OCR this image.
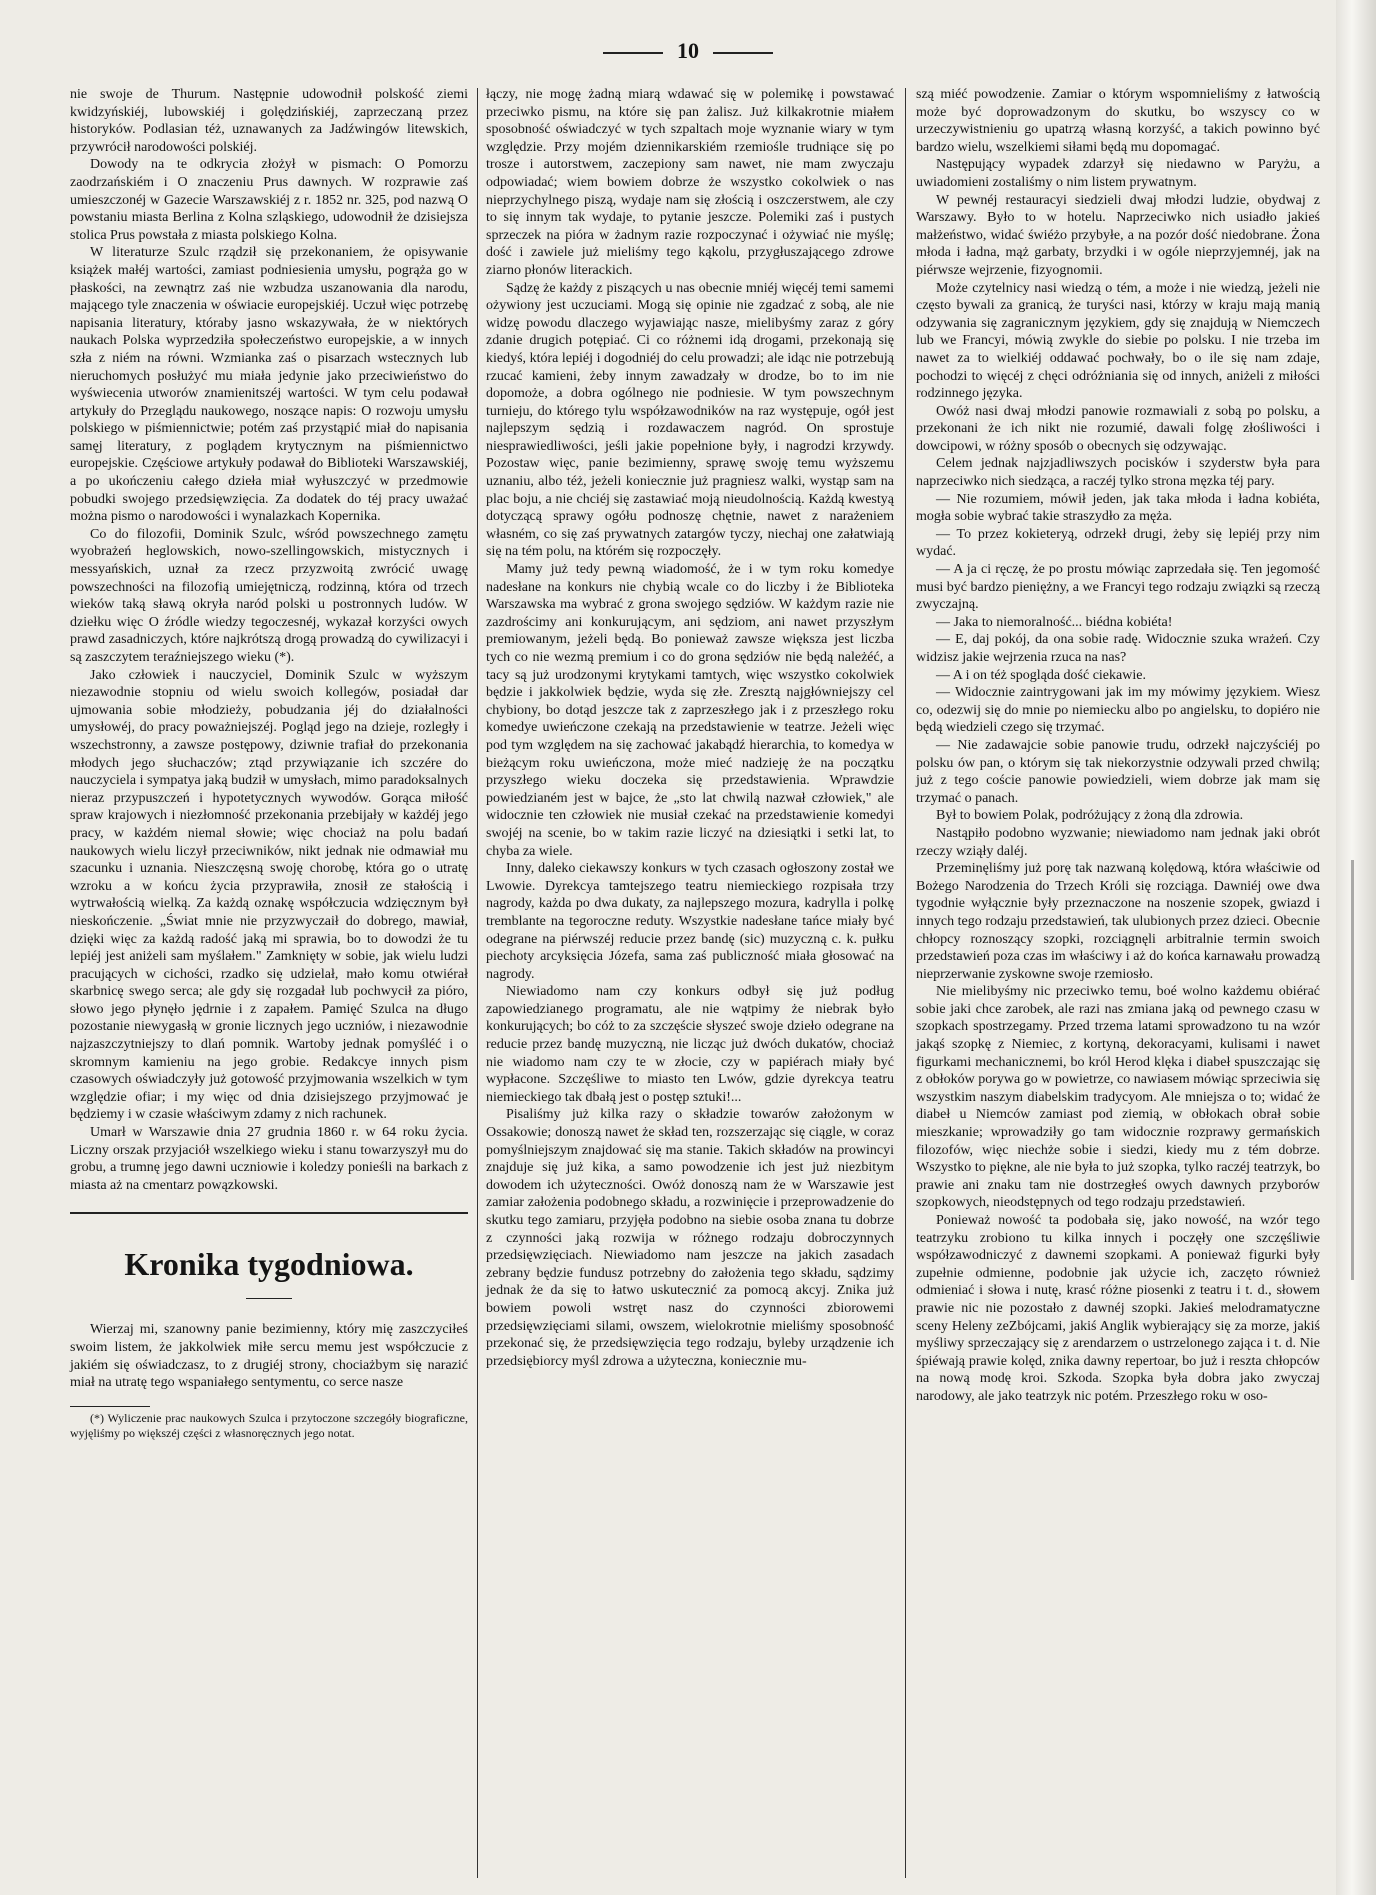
10

nie swoje de Thurum. Następnie udowodnił polskość ziemi kwidzyńskiéj, lubowskiéj i golędzińskiéj, zaprzeczaną przez historyków. Podlasian téż, uznawanych za Jadźwingów litewskich, przywrócił narodowości polskiéj.

Dowody na te odkrycia złożył w pismach: O Pomorzu zaodrzańskiém i O znaczeniu Prus dawnych. W rozprawie zaś umieszczonéj w Gazecie Warszawskiéj z r. 1852 nr. 325, pod nazwą O powstaniu miasta Berlina z Kolna szląskiego, udowodnił że dzisiejsza stolica Prus powstała z miasta polskiego Kolna.

W literaturze Szulc rządził się przekonaniem, że opisywanie książek małéj wartości, zamiast podniesienia umysłu, pogrąża go w płaskości, na zewnątrz zaś nie wzbudza uszanowania dla narodu, mającego tyle znaczenia w oświacie europejskiéj. Uczuł więc potrzebę napisania literatury, któraby jasno wskazywała, że w niektórych naukach Polska wyprzedziła społeczeństwo europejskie, a w innych szła z niém na równi. Wzmianka zaś o pisarzach wstecznych lub nieruchomych posłużyć mu miała jedynie jako przeciwieństwo do wyświecenia utworów znamienitszéj wartości. W tym celu podawał artykuły do Przeglądu naukowego, noszące napis: O rozwoju umysłu polskiego w piśmiennictwie; potém zaś przystąpić miał do napisania samęj literatury, z poglądem krytycznym na piśmiennictwo europejskie. Częściowe artykuły podawał do Biblioteki Warszawskiéj, a po ukończeniu całego dzieła miał wyłuszczyć w przedmowie pobudki swojego przedsięwzięcia. Za dodatek do téj pracy uważać można pismo o narodowości i wynalazkach Kopernika.

Co do filozofii, Dominik Szulc, wśród powszechnego zamętu wyobrażeń heglowskich, nowo-szellingowskich, mistycznych i messyańskich, uznał za rzecz przyzwoitą zwrócić uwagę powszechności na filozofią umiejętniczą, rodzinną, która od trzech wieków taką sławą okryła naród polski u postronnych ludów. W dziełku więc O źródle wiedzy tegoczesnéj, wykazał korzyści owych prawd zasadniczych, które najkrótszą drogą prowadzą do cywilizacyi i są zaszczytem teraźniejszego wieku (*).

Jako człowiek i nauczyciel, Dominik Szulc w wyższym niezawodnie stopniu od wielu swoich kollegów, posiadał dar ujmowania sobie młodzieży, pobudzania jéj do działalności umysłowéj, do pracy poważniejszéj. Pogląd jego na dzieje, rozległy i wszechstronny, a zawsze postępowy, dziwnie trafiał do przekonania młodych jego słuchaczów; ztąd przywiązanie ich szczére do nauczyciela i sympatya jaką budził w umysłach, mimo paradoksalnych nieraz przypuszczeń i hypotetycznych wywodów. Gorąca miłość spraw krajowych i niezłomność przekonania przebijały w każdéj jego pracy, w każdém niemal słowie; więc chociaż na polu badań naukowych wielu liczył przeciwników, nikt jednak nie odmawiał mu szacunku i uznania. Nieszczęsną swoję chorobę, która go o utratę wzroku a w końcu życia przyprawiła, znosił ze stałością i wytrwałością wielką. Za każdą oznakę współczucia wdzięcznym był nieskończenie. „Świat mnie nie przyzwyczaił do dobrego, mawiał, dzięki więc za każdą radość jaką mi sprawia, bo to dowodzi że tu lepiéj jest aniżeli sam myślałem." Zamknięty w sobie, jak wielu ludzi pracujących w cichości, rzadko się udzielał, mało komu otwiérał skarbnicę swego serca; ale gdy się rozgadał lub pochwycił za pióro, słowo jego płynęło jędrnie i z zapałem. Pamięć Szulca na długo pozostanie niewygasłą w gronie licznych jego uczniów, i niezawodnie najzaszczytniejszy to dlań pomnik. Wartoby jednak pomyśléć i o skromnym kamieniu na jego grobie. Redakcye innych pism czasowych oświadczyły już gotowość przyjmowania wszelkich w tym względzie ofiar; i my więc od dnia dzisiejszego przyjmować je będziemy i w czasie właściwym zdamy z nich rachunek.

Umarł w Warszawie dnia 27 grudnia 1860 r. w 64 roku życia. Liczny orszak przyjaciół wszelkiego wieku i stanu towarzyszył mu do grobu, a trumnę jego dawni uczniowie i koledzy ponieśli na barkach z miasta aż na cmentarz powązkowski.

Kronika tygodniowa.

Wierzaj mi, szanowny panie bezimienny, który mię zaszczyciłeś swoim listem, że jakkolwiek miłe sercu memu jest współczucie z jakiém się oświadczasz, to z drugiéj strony, chociażbym się narazić miał na utratę tego wspaniałego sentymentu, co serce nasze

(*) Wyliczenie prac naukowych Szulca i przytoczone szczegóły biograficzne, wyjęliśmy po większéj części z własnoręcznych jego notat.

łączy, nie mogę żadną miarą wdawać się w polemikę i powstawać przeciwko pismu, na które się pan żalisz. Już kilkakrotnie miałem sposobność oświadczyć w tych szpaltach moje wyznanie wiary w tym względzie. Przy mojém dziennikarskiém rzemiośle trudniące się po trosze i autorstwem, zaczepiony sam nawet, nie mam zwyczaju odpowiadać; wiem bowiem dobrze że wszystko cokolwiek o nas nieprzychylnego piszą, wydaje nam się złością i oszczerstwem, ale czy to się innym tak wydaje, to pytanie jeszcze. Polemiki zaś i pustych sprzeczek na pióra w żadnym razie rozpoczynać i ożywiać nie myślę; dość i zawiele już mieliśmy tego kąkolu, przygłuszającego zdrowe ziarno płonów literackich.

Sądzę że każdy z piszących u nas obecnie mniéj więcéj temi samemi ożywiony jest uczuciami. Mogą się opinie nie zgadzać z sobą, ale nie widzę powodu dlaczego wyjawiając nasze, mielibyśmy zaraz z góry zdanie drugich potępiać. Ci co różnemi idą drogami, przekonają się kiedyś, która lepiéj i dogodniéj do celu prowadzi; ale idąc nie potrzebują rzucać kamieni, żeby innym zawadzały w drodze, bo to im nie dopomoże, a dobra ogólnego nie podniesie. W tym powszechnym turnieju, do którego tylu współzawodników na raz występuje, ogół jest najlepszym sędzią i rozdawaczem nagród. On sprostuje niesprawiedliwości, jeśli jakie popełnione były, i nagrodzi krzywdy. Pozostaw więc, panie bezimienny, sprawę swoję temu wyższemu uznaniu, albo téż, jeżeli koniecznie już pragniesz walki, wystąp sam na plac boju, a nie chciéj się zastawiać moją nieudolnością. Każdą kwestyą dotyczącą sprawy ogółu podnoszę chętnie, nawet z narażeniem własném, co się zaś prywatnych zatargów tyczy, niechaj one załatwiają się na tém polu, na którém się rozpoczęły.

Mamy już tedy pewną wiadomość, że i w tym roku komedye nadesłane na konkurs nie chybią wcale co do liczby i że Biblioteka Warszawska ma wybrać z grona swojego sędziów. W każdym razie nie zazdrościmy ani konkurującym, ani sędziom, ani nawet przyszłym premiowanym, jeżeli będą. Bo ponieważ zawsze większa jest liczba tych co nie wezmą premium i co do grona sędziów nie będą należéć, a tacy są już urodzonymi krytykami tamtych, więc wszystko cokolwiek będzie i jakkolwiek będzie, wyda się złe. Zresztą najgłówniejszy cel chybiony, bo dotąd jeszcze tak z zaprzeszłego jak i z przeszłego roku komedye uwieńczone czekają na przedstawienie w teatrze. Jeżeli więc pod tym względem na się zachować jakabądź hierarchia, to komedya w bieżącym roku uwieńczona, może mieć nadzieję że na początku przyszłego wieku doczeka się przedstawienia. Wprawdzie powiedzianém jest w bajce, że „sto lat chwilą nazwał człowiek," ale widocznie ten człowiek nie musiał czekać na przedstawienie komedyi swojéj na scenie, bo w takim razie liczyć na dziesiątki i setki lat, to chyba za wiele.

Inny, daleko ciekawszy konkurs w tych czasach ogłoszony został we Lwowie. Dyrekcya tamtejszego teatru niemieckiego rozpisała trzy nagrody, każda po dwa dukaty, za najlepszego mozura, kadrylla i polkę tremblante na tegoroczne reduty. Wszystkie nadesłane tańce miały być odegrane na piérwszéj reducie przez bandę (sic) muzyczną c. k. pułku piechoty arcyksięcia Józefa, sama zaś publiczność miała głosować na nagrody.

Niewiadomo nam czy konkurs odbył się już podług zapowiedzianego programatu, ale nie wątpimy że niebrak było konkurujących; bo cóż to za szczęście słyszeć swoje dzieło odegrane na reducie przez bandę muzyczną, nie licząc już dwóch dukatów, chociaż nie wiadomo nam czy te w złocie, czy w papiérach miały być wypłacone. Szczęśliwe to miasto ten Lwów, gdzie dyrekcya teatru niemieckiego tak dbałą jest o postęp sztuki!...

Pisaliśmy już kilka razy o składzie towarów założonym w Ossakowie; donoszą nawet że skład ten, rozszerzając się ciągle, w coraz pomyślniejszym znajdować się ma stanie. Takich składów na prowincyi znajduje się już kika, a samo powodzenie ich jest już niezbitym dowodem ich użyteczności. Owóż donoszą nam że w Warszawie jest zamiar założenia podobnego składu, a rozwinięcie i przeprowadzenie do skutku tego zamiaru, przyjęła podobno na siebie osoba znana tu dobrze z czynności jaką rozwija w różnego rodzaju dobroczynnych przedsięwzięciach. Niewiadomo nam jeszcze na jakich zasadach zebrany będzie fundusz potrzebny do założenia tego składu, sądzimy jednak że da się to łatwo uskutecznić za pomocą akcyj. Znika już bowiem powoli wstręt nasz do czynności zbiorowemi przedsięwzięciami silami, owszem, wielokrotnie mieliśmy sposobność przekonać się, że przedsięwzięcia tego rodzaju, byleby urządzenie ich przedsiębiorcy myśl zdrowa a użyteczna, koniecznie mu-

szą miéć powodzenie. Zamiar o którym wspomnieliśmy z łatwością może być doprowadzonym do skutku, bo wszyscy co w urzeczywistnieniu go upatrzą własną korzyść, a takich powinno być bardzo wielu, wszelkiemi siłami będą mu dopomagać.

Następujący wypadek zdarzył się niedawno w Paryżu, a uwiadomieni zostaliśmy o nim listem prywatnym.

W pewnéj restauracyi siedzieli dwaj młodzi ludzie, obydwaj z Warszawy. Było to w hotelu. Naprzeciwko nich usiadło jakieś małżeństwo, widać świéżo przybyłe, a na pozór dość niedobrane. Żona młoda i ładna, mąż garbaty, brzydki i w ogóle nieprzyjemnéj, jak na piérwsze wejrzenie, fizyognomii.

Może czytelnicy nasi wiedzą o tém, a może i nie wiedzą, jeżeli nie często bywali za granicą, że turyści nasi, którzy w kraju mają manią odzywania się zagranicznym językiem, gdy się znajdują w Niemczech lub we Francyi, mówią zwykle do siebie po polsku. I nie trzeba im nawet za to wielkiéj oddawać pochwały, bo o ile się nam zdaje, pochodzi to więcéj z chęci odróżniania się od innych, aniżeli z miłości rodzinnego języka.

Owóż nasi dwaj młodzi panowie rozmawiali z sobą po polsku, a przekonani że ich nikt nie rozumié, dawali folgę złośliwości i dowcipowi, w różny sposób o obecnych się odzywając.

Celem jednak najzjadliwszych pocisków i szyderstw była para naprzeciwko nich siedząca, a raczéj tylko strona męzka téj pary.

— Nie rozumiem, mówił jeden, jak taka młoda i ładna kobiéta, mogła sobie wybrać takie straszydło za męża.

— To przez kokieteryą, odrzekł drugi, żeby się lepiéj przy nim wydać.

— A ja ci ręczę, że po prostu mówiąc zaprzedała się. Ten jegomość musi być bardzo pieniężny, a we Francyi tego rodzaju związki są rzeczą zwyczajną.

— Jaka to niemoralność... biédna kobiéta!

— E, daj pokój, da ona sobie radę. Widocznie szuka wrażeń. Czy widzisz jakie wejrzenia rzuca na nas?

— A i on téż spogląda dość ciekawie.

— Widocznie zaintrygowani jak im my mówimy językiem. Wiesz co, odezwij się do mnie po niemiecku albo po angielsku, to dopiéro nie będą wiedzieli czego się trzymać.

— Nie zadawajcie sobie panowie trudu, odrzekł najczyściéj po polsku ów pan, o którym się tak niekorzystnie odzywali przed chwilą; już z tego coście panowie powiedzieli, wiem dobrze jak mam się trzymać o panach.

Był to bowiem Polak, podróżujący z żoną dla zdrowia.

Nastąpiło podobno wyzwanie; niewiadomo nam jednak jaki obrót rzeczy wziąły daléj.

Przeminęliśmy już porę tak nazwaną kolędową, która właściwie od Bożego Narodzenia do Trzech Króli się rozciąga. Dawniéj owe dwa tygodnie wyłącznie były przeznaczone na noszenie szopek, gwiazd i innych tego rodzaju przedstawień, tak ulubionych przez dzieci. Obecnie chłopcy roznoszący szopki, rozciągnęli arbitralnie termin swoich przedstawień poza czas im właściwy i aż do końca karnawału prowadzą nieprzerwanie zyskowne swoje rzemiosło.

Nie mielibyśmy nic przeciwko temu, boé wolno każdemu obiérać sobie jaki chce zarobek, ale razi nas zmiana jaką od pewnego czasu w szopkach spostrzegamy. Przed trzema latami sprowadzono tu na wzór jakąś szopkę z Niemiec, z kortyną, dekoracyami, kulisami i nawet figurkami mechanicznemi, bo król Herod klęka i diabeł spuszczając się z obłoków porywa go w powietrze, co nawiasem mówiąc sprzeciwia się wszystkim naszym diabelskim tradycyom. Ale mniejsza o to; widać że diabeł u Niemców zamiast pod ziemią, w obłokach obrał sobie mieszkanie; wprowadziły go tam widocznie rozprawy germańskich filozofów, więc niechże sobie i siedzi, kiedy mu z tém dobrze. Wszystko to piękne, ale nie była to już szopka, tylko raczéj teatrzyk, bo prawie ani znaku tam nie dostrzegłeś owych dawnych przyborów szopkowych, nieodstępnych od tego rodzaju przedstawień.

Ponieważ nowość ta podobała się, jako nowość, na wzór tego teatrzyku zrobiono tu kilka innych i poczęły one szczęśliwie współzawodniczyć z dawnemi szopkami. A ponieważ figurki były zupełnie odmienne, podobnie jak użycie ich, zaczęto również odmieniać i słowa i nutę, krasć różne piosenki z teatru i t. d., słowem prawie nic nie pozostało z dawnéj szopki. Jakieś melodramatyczne sceny Heleny zeZbójcami, jakiś Anglik wybierający się za morze, jakiś myśliwy sprzeczający się z arendarzem o ustrzelonego zająca i t. d. Nie śpiéwają prawie kolęd, znika dawny repertoar, bo już i reszta chłopców na nową modę kroi. Szkoda. Szopka była dobra jako zwyczaj narodowy, ale jako teatrzyk nic potém. Przeszłego roku w oso-
